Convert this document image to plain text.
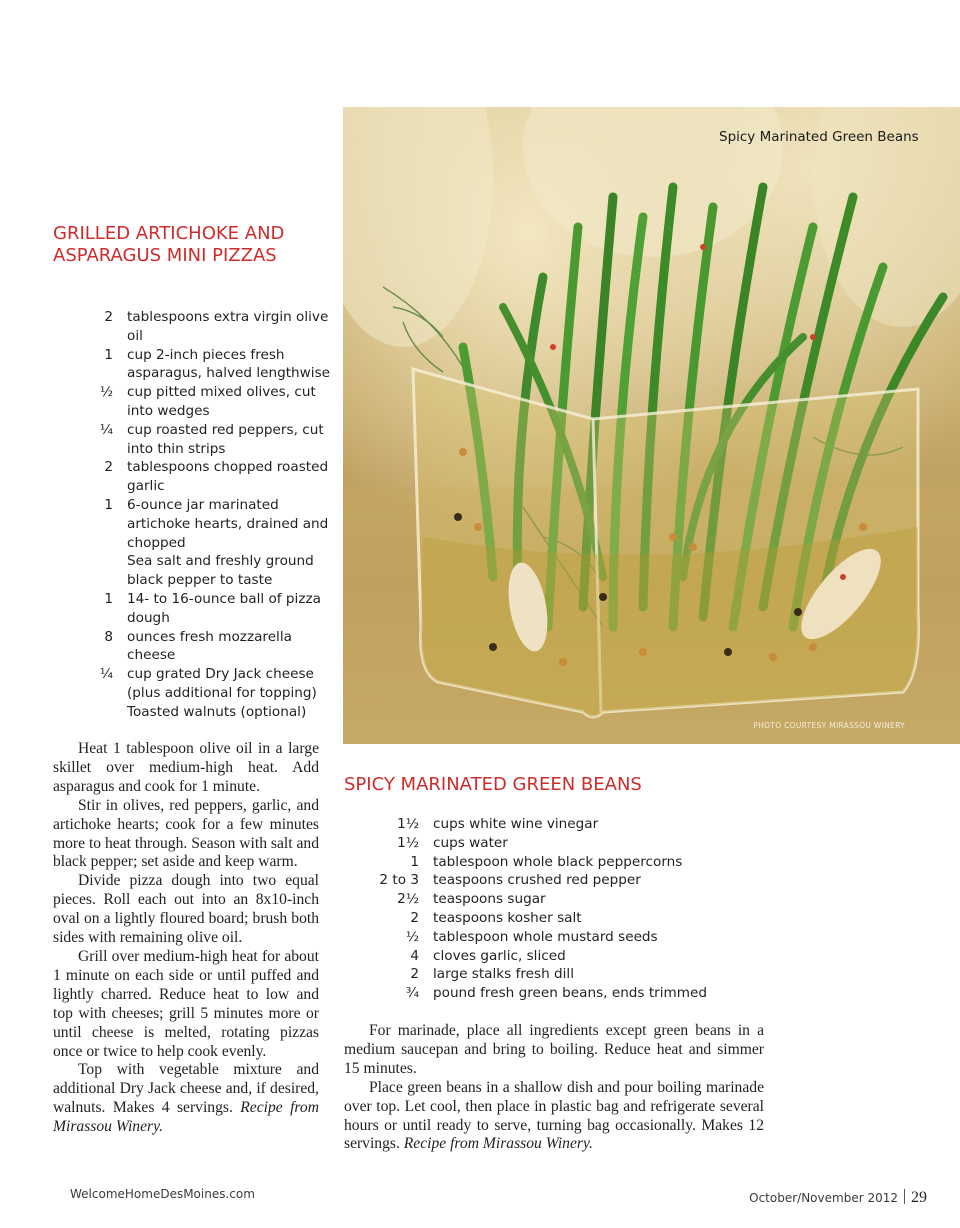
Spicy Marinated Green Beans
PHOTO COURTESY MIRASSOU WINERY
GRILLED ARTICHOKE AND ASPARAGUS MINI PIZZAS
2	tablespoons extra virgin olive oil
1	cup 2-inch pieces fresh asparagus, halved lengthwise
½	cup pitted mixed olives, cut into wedges
¼	cup roasted red peppers, cut into thin strips
2	tablespoons chopped roasted garlic
1	6-ounce jar marinated artichoke hearts, drained and chopped
Sea salt and freshly ground black pepper to taste
1	14- to 16-ounce ball of pizza dough
8	ounces fresh mozzarella cheese
¼	cup grated Dry Jack cheese (plus additional for topping)
Toasted walnuts (optional)

Heat 1 tablespoon olive oil in a large skillet over medium-high heat. Add asparagus and cook for 1 minute.

Stir in olives, red peppers, garlic, and artichoke hearts; cook for a few minutes more to heat through. Season with salt and black pepper; set aside and keep warm.

Divide pizza dough into two equal pieces. Roll each out into an 8x10-inch oval on a lightly floured board; brush both sides with remaining olive oil.

Grill over medium-high heat for about 1 minute on each side or until puffed and lightly charred. Reduce heat to low and top with cheeses; grill 5 minutes more or until cheese is melted, rotating pizzas once or twice to help cook evenly.

Top with vegetable mixture and additional Dry Jack cheese and, if desired, walnuts. Makes 4 servings. Recipe from Mirassou Winery.

SPICY MARINATED GREEN BEANS
1½	cups white wine vinegar
1½	cups water
1	tablespoon whole black peppercorns
2 to 3	teaspoons crushed red pepper
2½	teaspoons sugar
2	teaspoons kosher salt
½	tablespoon whole mustard seeds
4	cloves garlic, sliced
2	large stalks fresh dill
¾	pound fresh green beans, ends trimmed

For marinade, place all ingredients except green beans in a medium saucepan and bring to boiling. Reduce heat and simmer 15 minutes.

Place green beans in a shallow dish and pour boiling marinade over top. Let cool, then place in plastic bag and refrigerate several hours or until ready to serve, turning bag occasionally. Makes 12 servings. Recipe from Mirassou Winery.

WelcomeHomeDesMoines.com	October/November 2012 29
